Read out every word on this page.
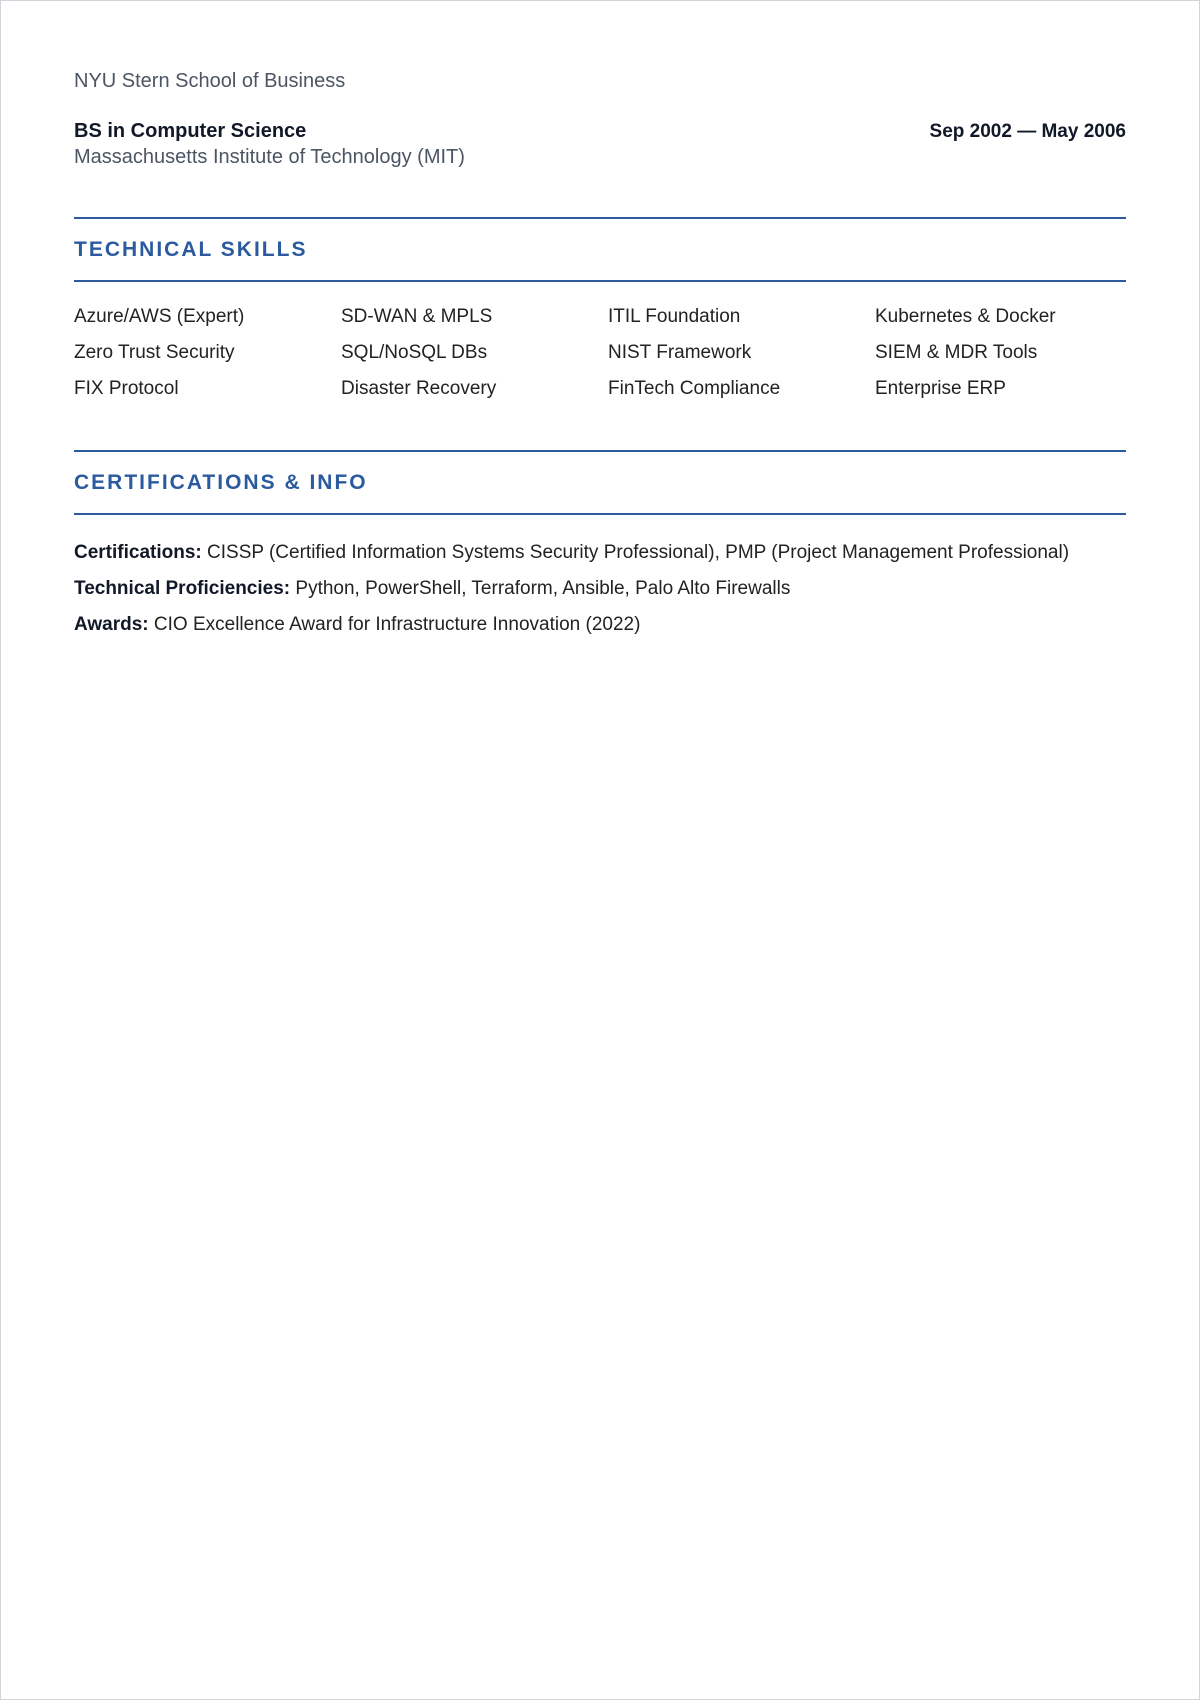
NYU Stern School of Business
BS in Computer Science	Sep 2002 — May 2006
Massachusetts Institute of Technology (MIT)
TECHNICAL SKILLS
Azure/AWS (Expert)	SD-WAN & MPLS	ITIL Foundation	Kubernetes & Docker
Zero Trust Security	SQL/NoSQL DBs	NIST Framework	SIEM & MDR Tools
FIX Protocol	Disaster Recovery	FinTech Compliance	Enterprise ERP
CERTIFICATIONS & INFO
Certifications: CISSP (Certified Information Systems Security Professional), PMP (Project Management Professional)
Technical Proficiencies: Python, PowerShell, Terraform, Ansible, Palo Alto Firewalls
Awards: CIO Excellence Award for Infrastructure Innovation (2022)
